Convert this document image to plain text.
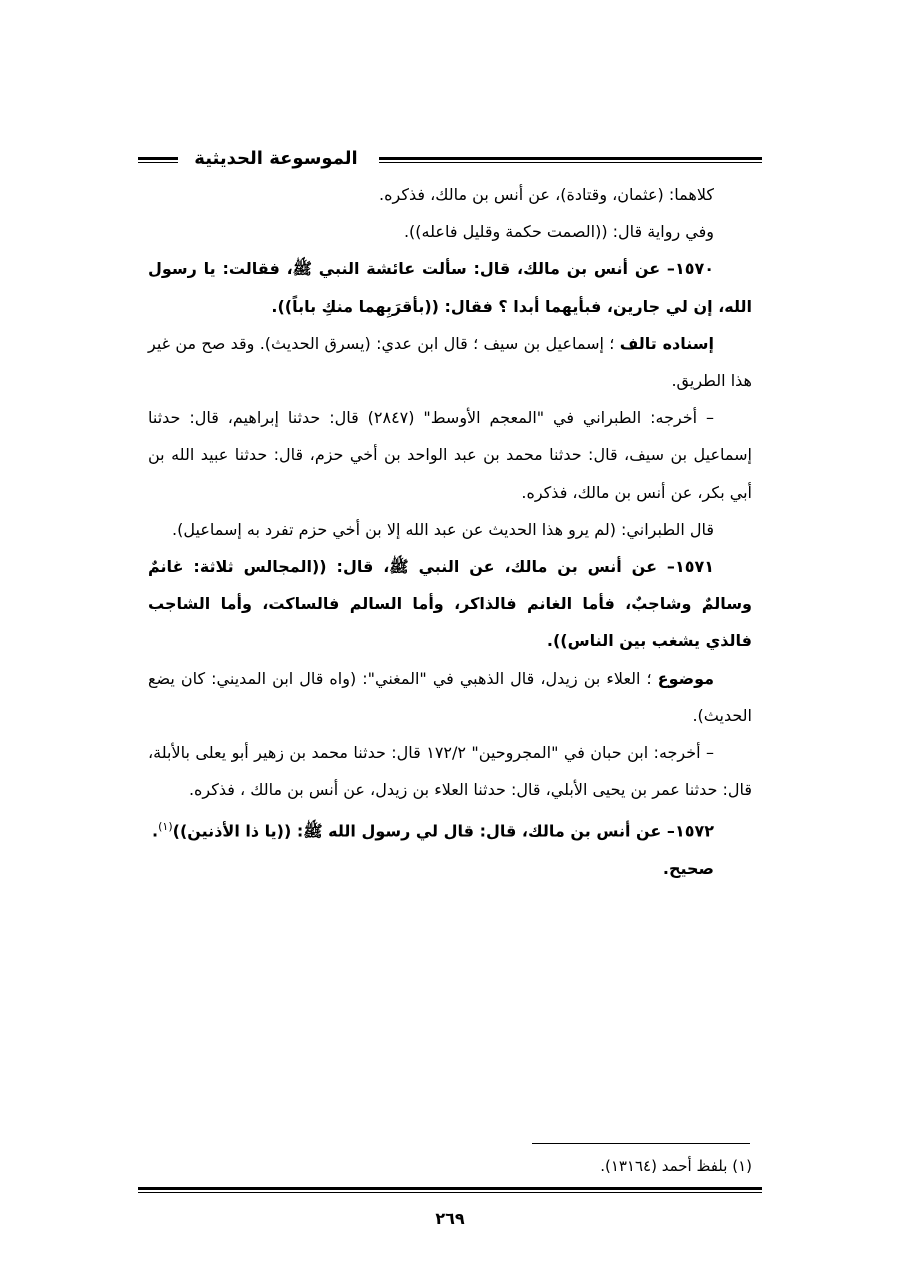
الموسوعة الحديثية

كلاهما: (عثمان، وقتادة)، عن أنس بن مالك، فذكره.

وفي رواية قال: ((الصمت حكمة وقليل فاعله)).

١٥٧٠– عن أنس بن مالك، قال: سألت عائشة النبي ﷺ، فقالت: يا رسول الله، إن لي جارين، فبأيهما أبدا ؟ فقال: ((بأقرَبِهما منكِ باباً)).

إسناده تالف ؛ إسماعيل بن سيف ؛ قال ابن عدي: (يسرق الحديث). وقد صح من غير هذا الطريق.

– أخرجه: الطبراني في "المعجم الأوسط" (٢٨٤٧) قال: حدثنا إبراهيم، قال: حدثنا إسماعيل بن سيف، قال: حدثنا محمد بن عبد الواحد بن أخي حزم، قال: حدثنا عبيد الله بن أبي بكر، عن أنس بن مالك، فذكره.

قال الطبراني: (لم يرو هذا الحديث عن عبد الله إلا بن أخي حزم تفرد به إسماعيل).

١٥٧١– عن أنس بن مالك، عن النبي ﷺ، قال: ((المجالس ثلاثة: غانمٌ وسالمٌ وشاجبٌ، فأما الغانم فالذاكر، وأما السالم فالساكت، وأما الشاجب فالذي يشغب بين الناس)).

موضوع ؛ العلاء بن زيدل، قال الذهبي في "المغني": (واه قال ابن المديني: كان يضع الحديث).

– أخرجه: ابن حبان في "المجروحين" ١٧٢/٢ قال: حدثنا محمد بن زهير أبو يعلى بالأبلة، قال: حدثنا عمر بن يحيى الأبلي، قال: حدثنا العلاء بن زيدل، عن أنس بن مالك ، فذكره.

١٥٧٢– عن أنس بن مالك، قال: قال لي رسول الله ﷺ: ((يا ذا الأذنين))$^{(١)}$.

صحيح.

(١) بلفظ أحمد (١٣١٦٤).
٢٦٩
